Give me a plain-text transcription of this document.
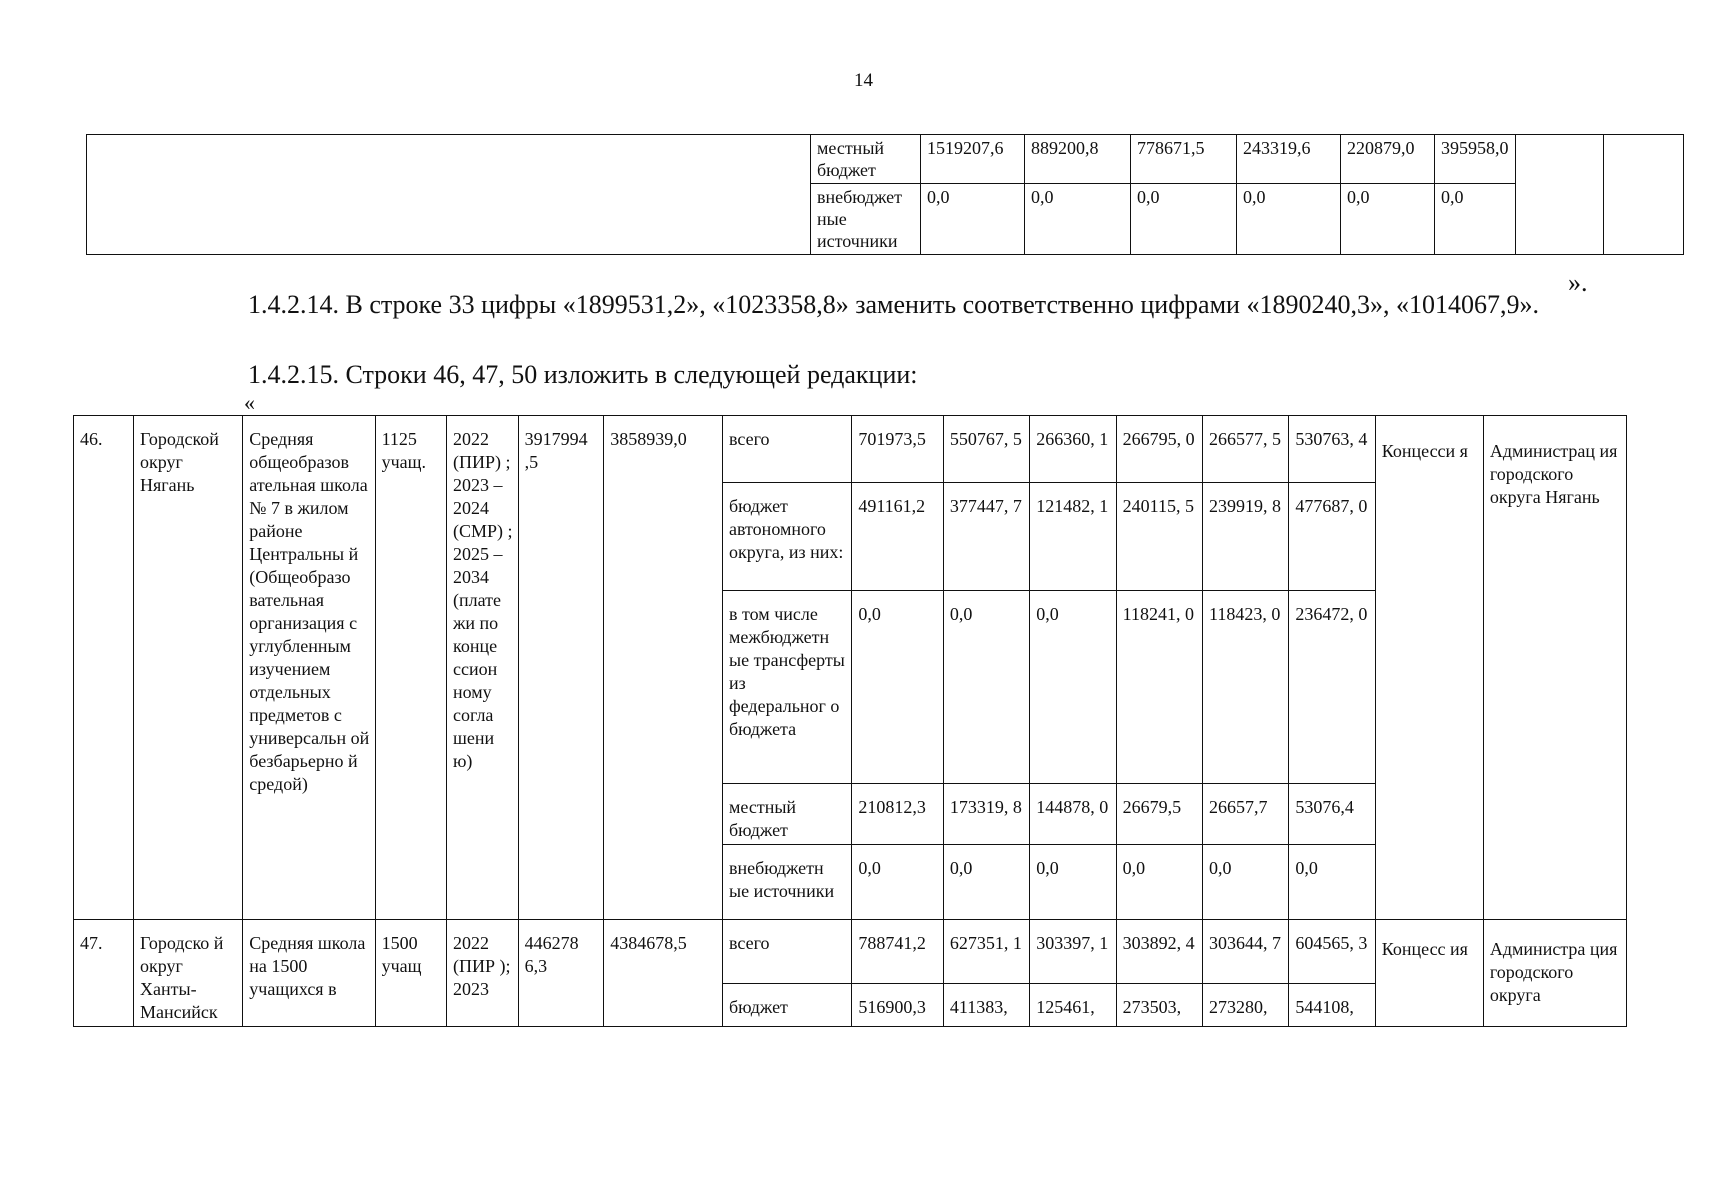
14
	местный бюджет	1519207,6	889200,8	778671,5	243319,6	220879,0	395958,0		
	внебюджет ные источники	0,0	0,0	0,0	0,0	0,0	0,0		
».

1.4.2.14. В строке 33 цифры «1899531,2», «1023358,8» заменить соответственно цифрами «1890240,3», «1014067,9».

1.4.2.15. Строки 46, 47, 50 изложить в следующей редакции:

«
46.	Городской округ Нягань	Средняя общеобразов ательная школа № 7 в жилом районе Центральны й (Общеобразо вательная организация с углубленным изучением отдельных предметов с универсальн ой безбарьерно й средой)	1125 учащ.	2022 (ПИР) ; 2023 – 2024 (СМР) ; 2025 – 2034 (плате жи по конце ссион ному согла шени ю)	3917994 ,5	3858939,0	всего	701973,5	550767, 5	266360, 1	266795, 0	266577, 5	530763, 4	Концесси я	Администрац ия городского округа Нягань
							бюджет автономного округа, из них:	491161,2	377447, 7	121482, 1	240115, 5	239919, 8	477687, 0		
							в том числе межбюджетн ые трансферты из федеральног о бюджета	0,0	0,0	0,0	118241, 0	118423, 0	236472, 0		
							местный бюджет	210812,3	173319, 8	144878, 0	26679,5	26657,7	53076,4		
							внебюджетн ые источники	0,0	0,0	0,0	0,0	0,0	0,0		
47.	Городско й округ Ханты- Мансийск	Средняя школа на 1500 учащихся в	1500 учащ	2022 (ПИР ); 2023	446278 6,3	4384678,5	всего	788741,2	627351, 1	303397, 1	303892, 4	303644, 7	604565, 3	Концесс ия	Администра ция городского округа
							бюджет	516900,3	411383,	125461,	273503,	273280,	544108,		
